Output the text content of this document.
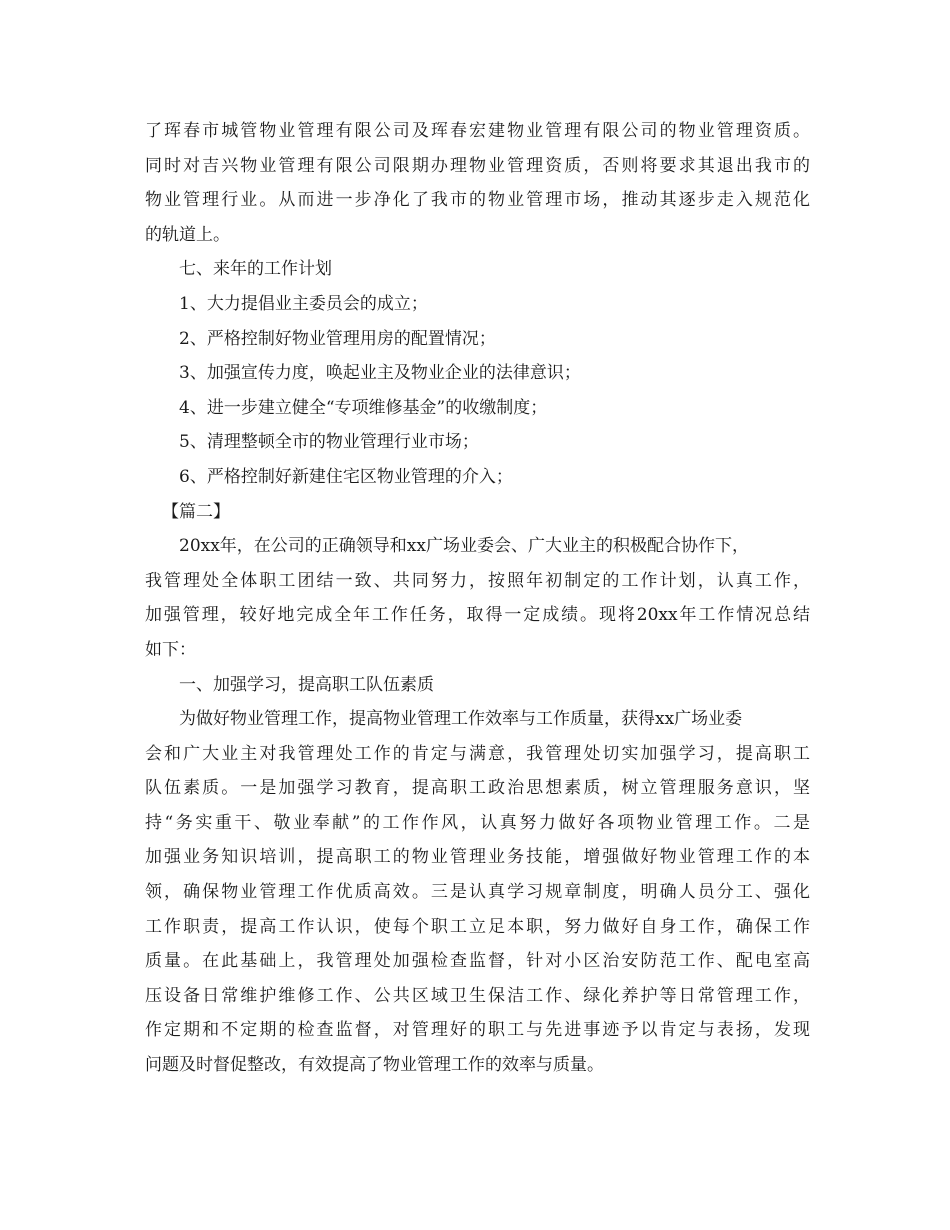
了珲春市城管物业管理有限公司及珲春宏建物业管理有限公司的物业管理资质。
同时对吉兴物业管理有限公司限期办理物业管理资质，否则将要求其退出我市的
物业管理行业。从而进一步净化了我市的物业管理市场，推动其逐步走入规范化
的轨道上。
七、来年的工作计划
1、大力提倡业主委员会的成立；
2、严格控制好物业管理用房的配置情况；
3、加强宣传力度，唤起业主及物业企业的法律意识；
4、进一步建立健全“专项维修基金”的收缴制度；
5、清理整顿全市的物业管理行业市场；
6、严格控制好新建住宅区物业管理的介入；
【篇二】
20xx年，在公司的正确领导和xx广场业委会、广大业主的积极配合协作下，
我管理处全体职工团结一致、共同努力，按照年初制定的工作计划，认真工作，
加强管理，较好地完成全年工作任务，取得一定成绩。现将20xx年工作情况总结
如下：
一、加强学习，提高职工队伍素质
为做好物业管理工作，提高物业管理工作效率与工作质量，获得xx广场业委
会和广大业主对我管理处工作的肯定与满意，我管理处切实加强学习，提高职工
队伍素质。一是加强学习教育，提高职工政治思想素质，树立管理服务意识，坚
持“务实重干、敬业奉献”的工作作风，认真努力做好各项物业管理工作。二是
加强业务知识培训，提高职工的物业管理业务技能，增强做好物业管理工作的本
领，确保物业管理工作优质高效。三是认真学习规章制度，明确人员分工、强化
工作职责，提高工作认识，使每个职工立足本职，努力做好自身工作，确保工作
质量。在此基础上，我管理处加强检查监督，针对小区治安防范工作、配电室高
压设备日常维护维修工作、公共区域卫生保洁工作、绿化养护等日常管理工作，
作定期和不定期的检查监督，对管理好的职工与先进事迹予以肯定与表扬，发现
问题及时督促整改，有效提高了物业管理工作的效率与质量。
